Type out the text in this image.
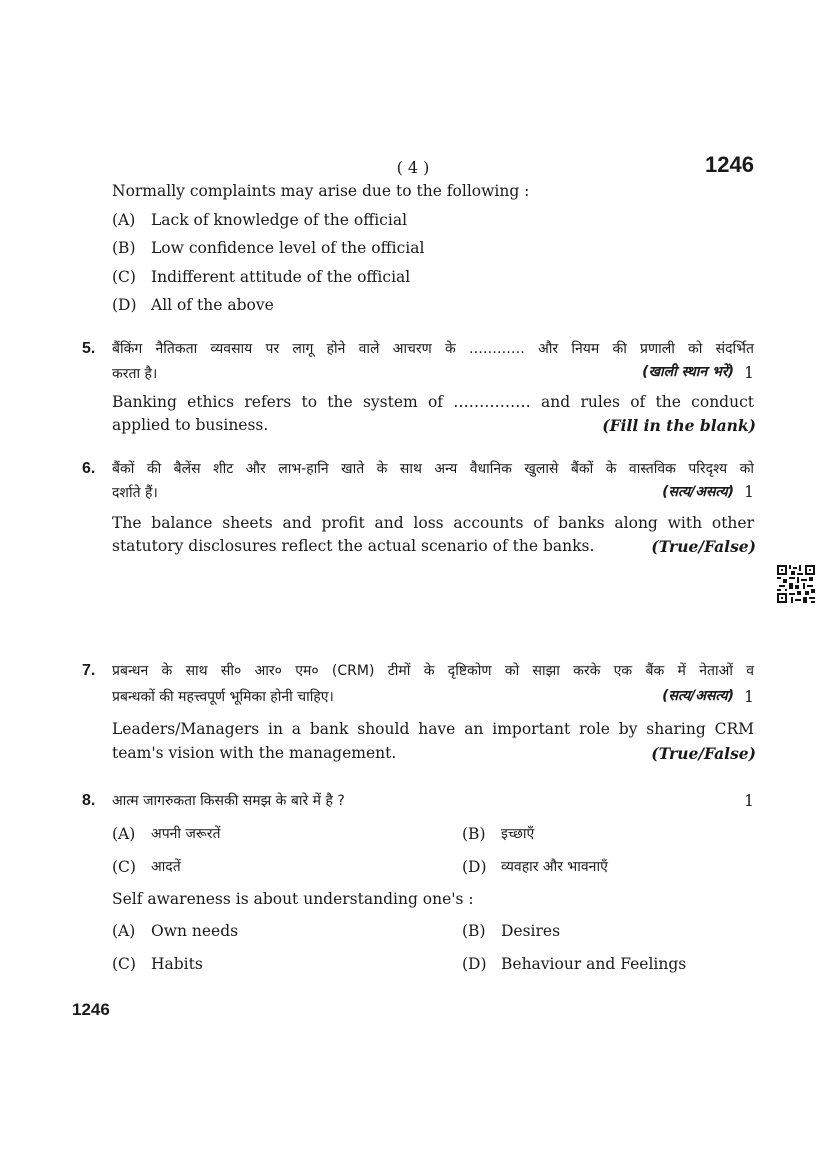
( 4 )	1246
Normally complaints may arise due to the following :
(A) Lack of knowledge of the official
(B) Low confidence level of the official
(C) Indifferent attitude of the official
(D) All of the above
5. बैंकिंग नैतिकता व्यवसाय पर लागू होने वाले आचरण के ………… और नियम की प्रणाली को संदर्भित
करता है।	(खाली स्थान भरें) 1
Banking ethics refers to the system of …………… and rules of the conduct
applied to business.	(Fill in the blank)
6. बैंकों की बैलेंस शीट और लाभ-हानि खाते के साथ अन्य वैधानिक खुलासे बैंकों के वास्तविक परिदृश्य को
दर्शाते हैं।	(सत्य/असत्य) 1
The balance sheets and profit and loss accounts of banks along with other
statutory disclosures reflect the actual scenario of the banks.	(True/False)
7. प्रबन्धन के साथ सी० आर० एम० (CRM) टीमों के दृष्टिकोण को साझा करके एक बैंक में नेताओं व
प्रबन्धकों की महत्त्वपूर्ण भूमिका होनी चाहिए।	(सत्य/असत्य) 1
Leaders/Managers in a bank should have an important role by sharing CRM
team's vision with the management.	(True/False)
8. आत्म जागरुकता किसकी समझ के बारे में है ?	1
(A) अपनी जरूरतें	(B) इच्छाएँ
(C) आदतें	(D) व्यवहार और भावनाएँ
Self awareness is about understanding one's :
(A) Own needs	(B) Desires
(C) Habits	(D) Behaviour and Feelings
1246
